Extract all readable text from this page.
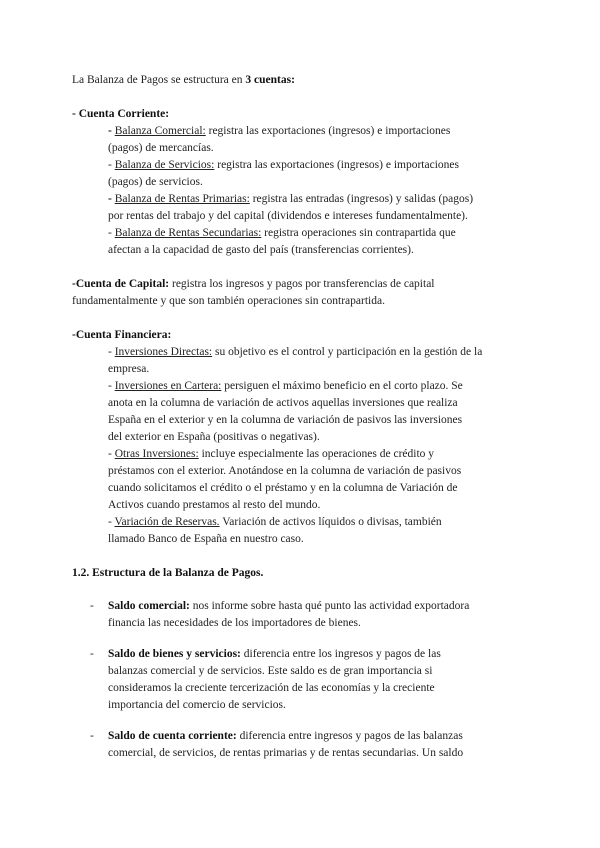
La Balanza de Pagos se estructura en 3 cuentas:
- Cuenta Corriente:
- Balanza Comercial: registra las exportaciones (ingresos) e importaciones
(pagos) de mercancías.
- Balanza de Servicios: registra las exportaciones (ingresos) e importaciones
(pagos) de servicios.
- Balanza de Rentas Primarias: registra las entradas (ingresos) y salidas (pagos)
por rentas del trabajo y del capital (dividendos e intereses fundamentalmente).
- Balanza de Rentas Secundarias: registra operaciones sin contrapartida que
afectan a la capacidad de gasto del país (transferencias corrientes).
-Cuenta de Capital: registra los ingresos y pagos por transferencias de capital
fundamentalmente y que son también operaciones sin contrapartida.
-Cuenta Financiera:
- Inversiones Directas: su objetivo es el control y participación en la gestión de la
empresa.
- Inversiones en Cartera: persiguen el máximo beneficio en el corto plazo. Se
anota en la columna de variación de activos aquellas inversiones que realiza
España en el exterior y en la columna de variación de pasivos las inversiones
del exterior en España (positivas o negativas).
- Otras Inversiones: incluye especialmente las operaciones de crédito y
préstamos con el exterior. Anotándose en la columna de variación de pasivos
cuando solicitamos el crédito o el préstamo y en la columna de Variación de
Activos cuando prestamos al resto del mundo.
- Variación de Reservas. Variación de activos líquidos o divisas, también
llamado Banco de España en nuestro caso.
1.2. Estructura de la Balanza de Pagos.
- Saldo comercial: nos informe sobre hasta qué punto las actividad exportadora
financia las necesidades de los importadores de bienes.
- Saldo de bienes y servicios: diferencia entre los ingresos y pagos de las
balanzas comercial y de servicios. Este saldo es de gran importancia si
consideramos la creciente tercerización de las economías y la creciente
importancia del comercio de servicios.
- Saldo de cuenta corriente: diferencia entre ingresos y pagos de las balanzas
comercial, de servicios, de rentas primarias y de rentas secundarias. Un saldo
